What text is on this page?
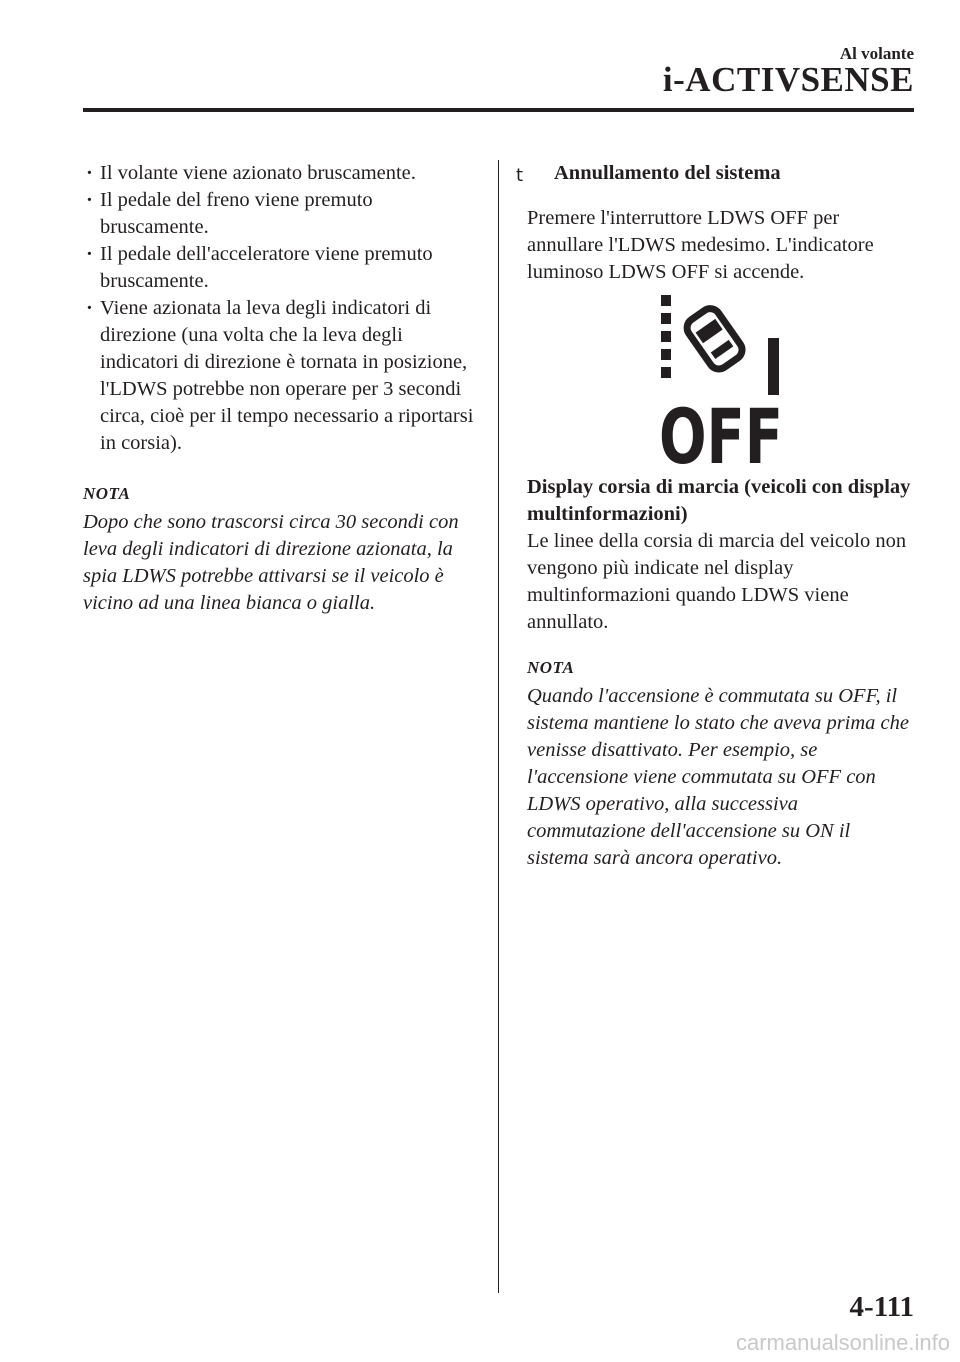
Al volante
i-ACTIVSENSE
· Il volante viene azionato bruscamente.
· Il pedale del freno viene premuto bruscamente.
· Il pedale dell'acceleratore viene premuto bruscamente.
· Viene azionata la leva degli indicatori di direzione (una volta che la leva degli indicatori di direzione è tornata in posizione, l'LDWS potrebbe non operare per 3 secondi circa, cioè per il tempo necessario a riportarsi in corsia).
NOTA
Dopo che sono trascorsi circa 30 secondi con leva degli indicatori di direzione azionata, la spia LDWS potrebbe attivarsi se il veicolo è vicino ad una linea bianca o gialla.
t Annullamento del sistema
Premere l'interruttore LDWS OFF per annullare l'LDWS medesimo. L'indicatore luminoso LDWS OFF si accende.
OFF
Display corsia di marcia (veicoli con display multinformazioni)
Le linee della corsia di marcia del veicolo non vengono più indicate nel display multinformazioni quando LDWS viene annullato.
NOTA
Quando l'accensione è commutata su OFF, il sistema mantiene lo stato che aveva prima che venisse disattivato. Per esempio, se l'accensione viene commutata su OFF con LDWS operativo, alla successiva commutazione dell'accensione su ON il sistema sarà ancora operativo.
4-111
carmanualsonline.info
